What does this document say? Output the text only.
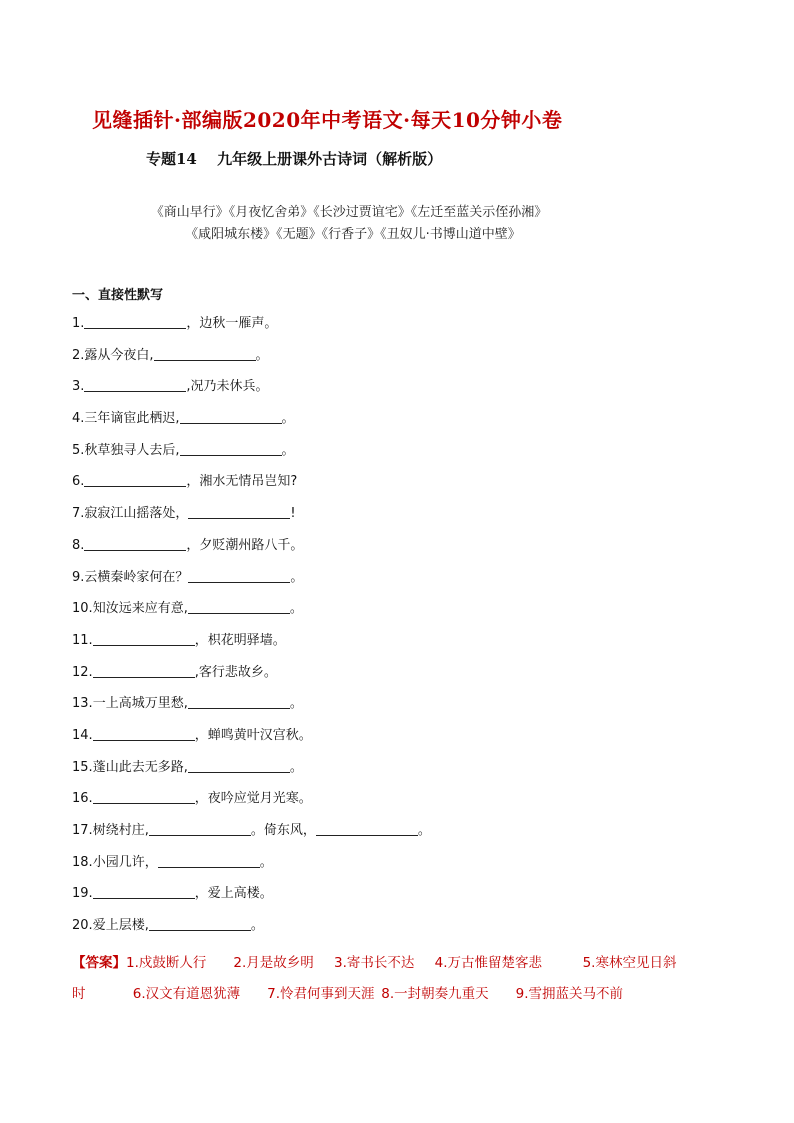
见缝插针·部编版2020年中考语文·每天10分钟小卷
专题14　 九年级上册课外古诗词（解析版）
《商山早行》《月夜忆舍弟》《长沙过贾谊宅》《左迁至蓝关示侄孙湘》
《咸阳城东楼》《无题》《行香子》《丑奴儿·书博山道中壁》
一、直接性默写
1.	，边秋一雁声。
2.露从今夜白,	。
3.	,况乃未休兵。
4.三年谪宦此栖迟,	。
5.秋草独寻人去后,	。
6.	，湘水无情吊岂知?
7.寂寂江山摇落处，	!
8.	，夕贬潮州路八千。
9.云横秦岭家何在？	。
10.知汝远来应有意,	。
11.	，枳花明驿墙。
12.	,客行悲故乡。
13.一上高城万里愁,	。
14.	，蝉鸣黄叶汉宫秋。
15.蓬山此去无多路,	。
16.	，夜吟应觉月光寒。
17.树绕村庄,	。倚东风，	。
18.小园几许，	。
19.	，爱上高楼。
20.爱上层楼,	。
【答案】1.戍鼓断人行   2.月是故乡明   3.寄书长不达   4.万古惟留楚客悲   	5.寒林空见日斜时    	6.汉文有道恩犹薄   7.怜君何事到天涯  8.一封朝奏九重天   9.雪拥蓝关马不前
